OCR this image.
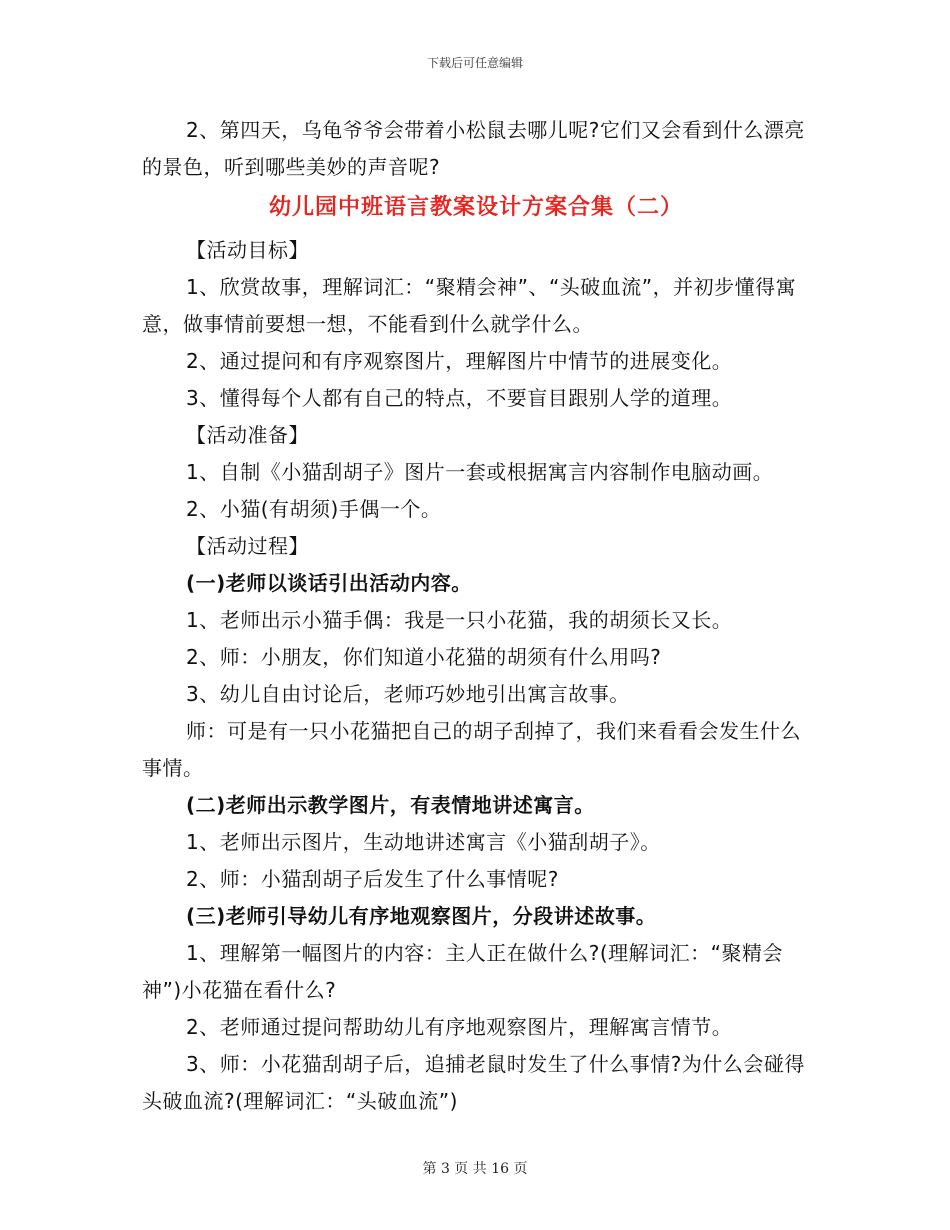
下载后可任意编辑

2、第四天，乌龟爷爷会带着小松鼠去哪儿呢?它们又会看到什么漂亮的景色，听到哪些美妙的声音呢?

幼儿园中班语言教案设计方案合集（二）

【活动目标】

1、欣赏故事，理解词汇：“聚精会神”、“头破血流”，并初步懂得寓意，做事情前要想一想，不能看到什么就学什么。

2、通过提问和有序观察图片，理解图片中情节的进展变化。

3、懂得每个人都有自己的特点，不要盲目跟别人学的道理。

【活动准备】

1、自制《小猫刮胡子》图片一套或根据寓言内容制作电脑动画。

2、小猫(有胡须)手偶一个。

【活动过程】

(一)老师以谈话引出活动内容。

1、老师出示小猫手偶：我是一只小花猫，我的胡须长又长。

2、师：小朋友，你们知道小花猫的胡须有什么用吗?

3、幼儿自由讨论后，老师巧妙地引出寓言故事。

师：可是有一只小花猫把自己的胡子刮掉了，我们来看看会发生什么事情。

(二)老师出示教学图片，有表情地讲述寓言。

1、老师出示图片，生动地讲述寓言《小猫刮胡子》。

2、师：小猫刮胡子后发生了什么事情呢?

(三)老师引导幼儿有序地观察图片，分段讲述故事。

1、理解第一幅图片的内容：主人正在做什么?(理解词汇：“聚精会神”)小花猫在看什么?

2、老师通过提问帮助幼儿有序地观察图片，理解寓言情节。

3、师：小花猫刮胡子后，追捕老鼠时发生了什么事情?为什么会碰得头破血流?(理解词汇：“头破血流”)

第 3 页 共 16 页
